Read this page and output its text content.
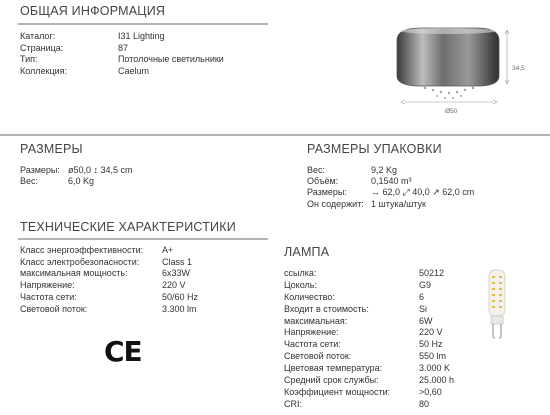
ОБЩАЯ ИНФОРМАЦИЯ
Каталог:	I31 Lighting
Страница:	87
Тип:	Потолочные светильники
Коллекция:	Caelum
Ø50
34,5
РАЗМЕРЫ
Размеры: ø50,0 ↕ 34,5 cm
Вес:	6,0 Kg
РАЗМЕРЫ УПАКОВКИ
Вес:	9,2 Kg
Объём:	0,1540 m³
Размеры:	↔ 62,0 ⤢ 40,0 ↗ 62,0 cm
Он содержит: 1 штука/штук
ТЕХНИЧЕСКИЕ ХАРАКТЕРИСТИКИ
Класс энергоэффективности: A+
Класс электробезопасности:	Class 1
максимальная мощность:	6x33W
Напряжение:	220 V
Частота сети:	50/60 Hz
Световой поток:	3.300 lm
CE
ЛАМПА
ссылка:	50212
Цоколь:	G9
Количество:	6
Входит в стоимость:	Si
максимальная:	6W
Напряжение:	220 V
Частота сети:	50 Hz
Световой поток:	550 lm
Цветовая температура:	3.000 K
Средний срок службы:	25.000 h
Коэффициент мощности:	>0,60
CRI:	80
